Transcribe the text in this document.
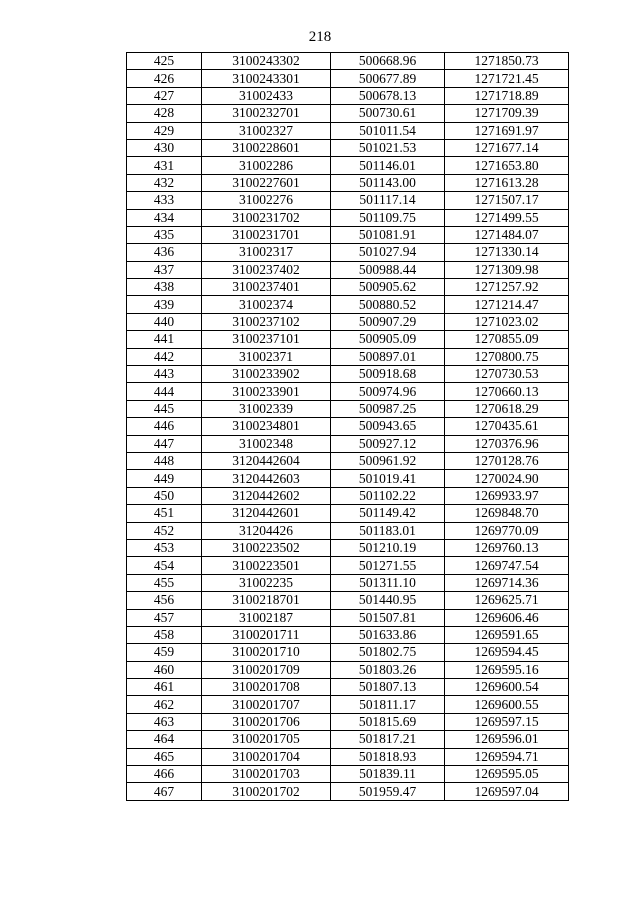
218
425	3100243302	500668.96	1271850.73
426	3100243301	500677.89	1271721.45
427	31002433	500678.13	1271718.89
428	3100232701	500730.61	1271709.39
429	31002327	501011.54	1271691.97
430	3100228601	501021.53	1271677.14
431	31002286	501146.01	1271653.80
432	3100227601	501143.00	1271613.28
433	31002276	501117.14	1271507.17
434	3100231702	501109.75	1271499.55
435	3100231701	501081.91	1271484.07
436	31002317	501027.94	1271330.14
437	3100237402	500988.44	1271309.98
438	3100237401	500905.62	1271257.92
439	31002374	500880.52	1271214.47
440	3100237102	500907.29	1271023.02
441	3100237101	500905.09	1270855.09
442	31002371	500897.01	1270800.75
443	3100233902	500918.68	1270730.53
444	3100233901	500974.96	1270660.13
445	31002339	500987.25	1270618.29
446	3100234801	500943.65	1270435.61
447	31002348	500927.12	1270376.96
448	3120442604	500961.92	1270128.76
449	3120442603	501019.41	1270024.90
450	3120442602	501102.22	1269933.97
451	3120442601	501149.42	1269848.70
452	31204426	501183.01	1269770.09
453	3100223502	501210.19	1269760.13
454	3100223501	501271.55	1269747.54
455	31002235	501311.10	1269714.36
456	3100218701	501440.95	1269625.71
457	31002187	501507.81	1269606.46
458	3100201711	501633.86	1269591.65
459	3100201710	501802.75	1269594.45
460	3100201709	501803.26	1269595.16
461	3100201708	501807.13	1269600.54
462	3100201707	501811.17	1269600.55
463	3100201706	501815.69	1269597.15
464	3100201705	501817.21	1269596.01
465	3100201704	501818.93	1269594.71
466	3100201703	501839.11	1269595.05
467	3100201702	501959.47	1269597.04
